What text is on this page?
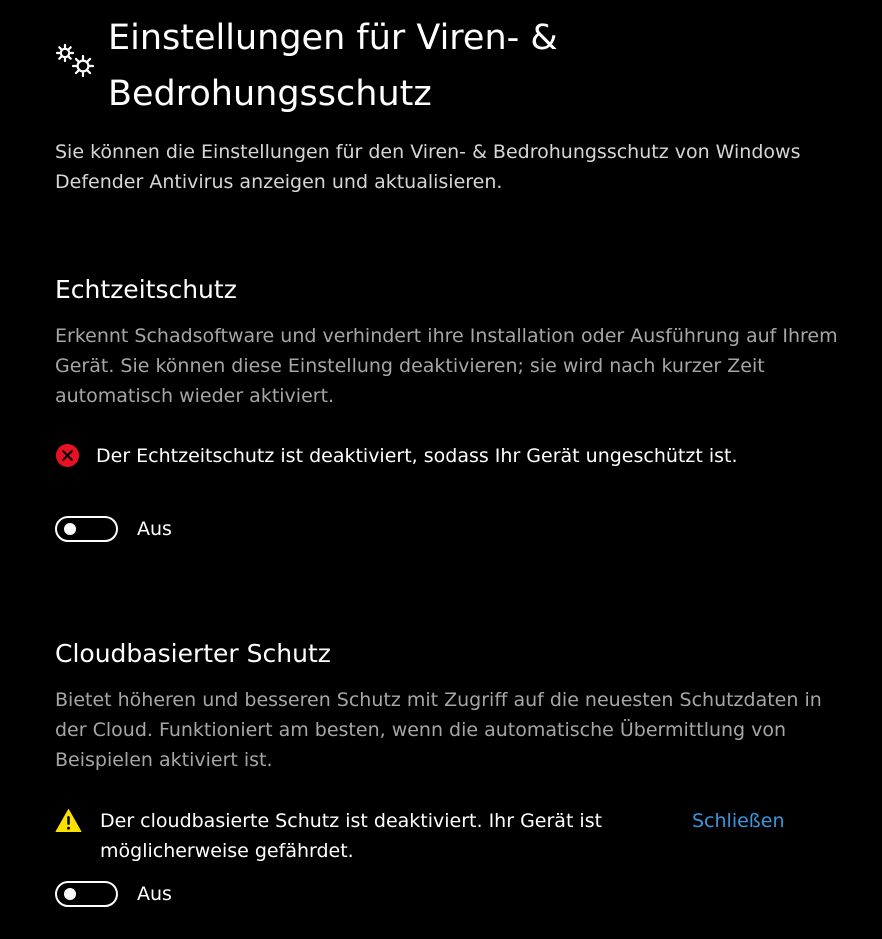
Einstellungen für Viren- & Bedrohungsschutz

Sie können die Einstellungen für den Viren- & Bedrohungsschutz von Windows Defender Antivirus anzeigen und aktualisieren.

Echtzeitschutz

Erkennt Schadsoftware und verhindert ihre Installation oder Ausführung auf Ihrem Gerät. Sie können diese Einstellung deaktivieren; sie wird nach kurzer Zeit automatisch wieder aktiviert.

Der Echtzeitschutz ist deaktiviert, sodass Ihr Gerät ungeschützt ist.
Aus
Cloudbasierter Schutz

Bietet höheren und besseren Schutz mit Zugriff auf die neuesten Schutzdaten in der Cloud. Funktioniert am besten, wenn die automatische Übermittlung von Beispielen aktiviert ist.

Der cloudbasierte Schutz ist deaktiviert. Ihr Gerät ist möglicherweise gefährdet.
Schließen
Aus
